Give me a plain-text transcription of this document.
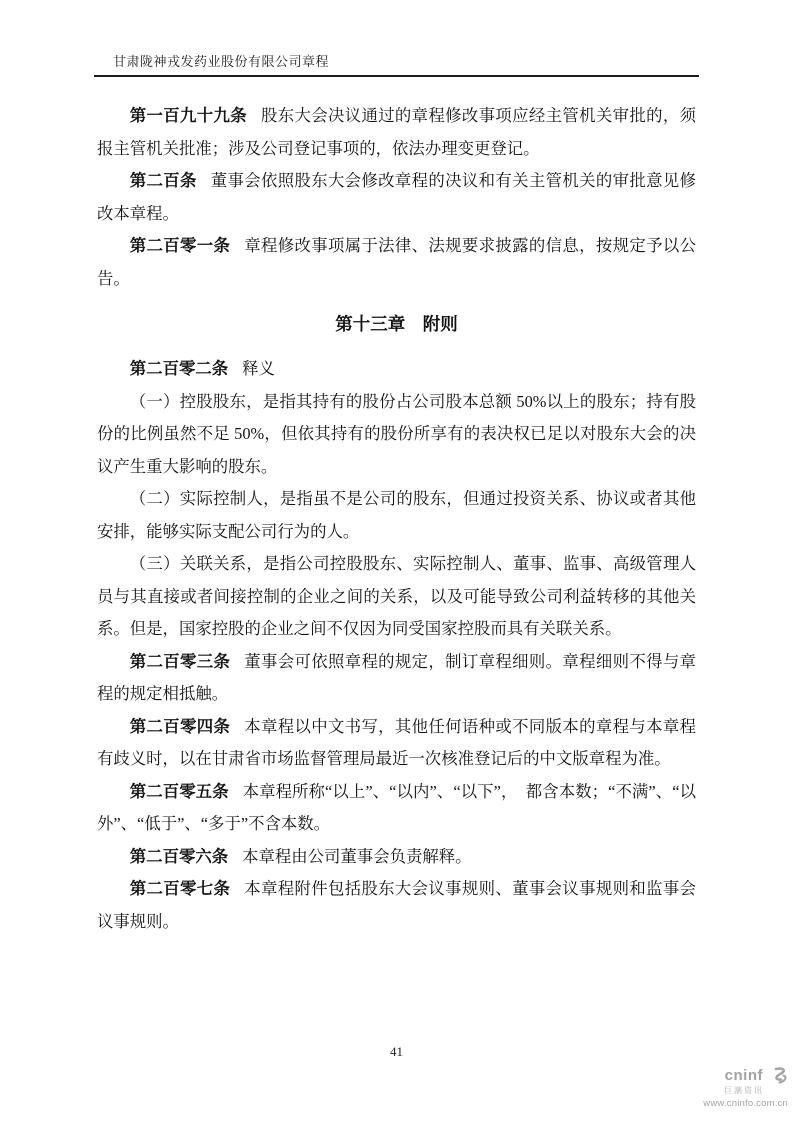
甘肃陇神戎发药业股份有限公司章程

第一百九十九条 股东大会决议通过的章程修改事项应经主管机关审批的，须报主管机关批准；涉及公司登记事项的，依法办理变更登记。

第二百条 董事会依照股东大会修改章程的决议和有关主管机关的审批意见修改本章程。

第二百零一条 章程修改事项属于法律、法规要求披露的信息，按规定予以公告。

第十三章　附则

第二百零二条 释义

（一）控股股东，是指其持有的股份占公司股本总额 50%以上的股东；持有股份的比例虽然不足 50%，但依其持有的股份所享有的表决权已足以对股东大会的决议产生重大影响的股东。

（二）实际控制人，是指虽不是公司的股东，但通过投资关系、协议或者其他安排，能够实际支配公司行为的人。

（三）关联关系，是指公司控股股东、实际控制人、董事、监事、高级管理人员与其直接或者间接控制的企业之间的关系，以及可能导致公司利益转移的其他关系。但是，国家控股的企业之间不仅因为同受国家控股而具有关联关系。

第二百零三条 董事会可依照章程的规定，制订章程细则。章程细则不得与章程的规定相抵触。

第二百零四条 本章程以中文书写，其他任何语种或不同版本的章程与本章程有歧义时，以在甘肃省市场监督管理局最近一次核准登记后的中文版章程为准。

第二百零五条 本章程所称“以上”、“以内”、“以下”，　都含本数；“不满”、“以外”、“低于”、“多于”不含本数。

第二百零六条 本章程由公司董事会负责解释。

第二百零七条 本章程附件包括股东大会议事规则、董事会议事规则和监事会议事规则。

41
cninf
巨潮资讯
www.cninfo.com.cn
